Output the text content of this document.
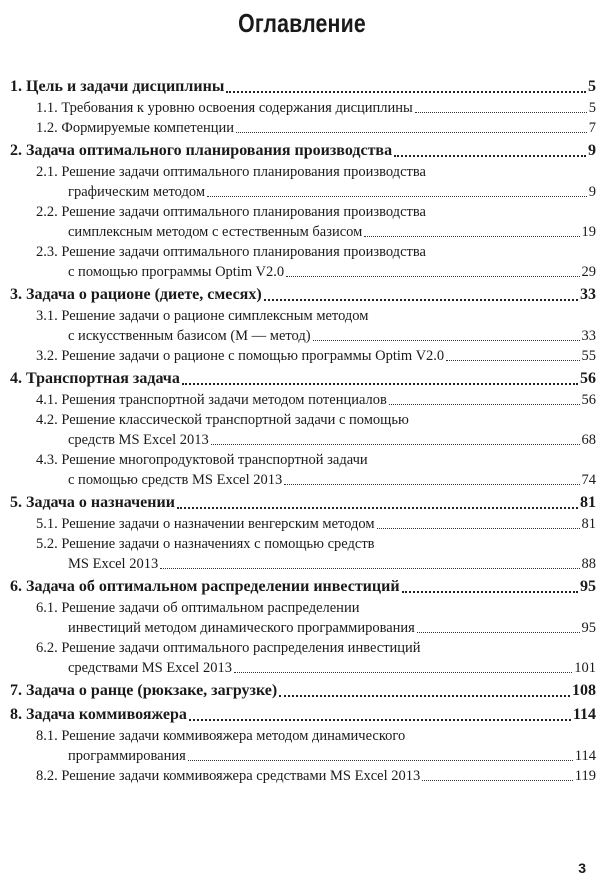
Оглавление
1. Цель и задачи дисциплины	5
1.1. Требования к уровню освоения содержания дисциплины	5
1.2. Формируемые компетенции	7
2. Задача оптимального планирования производства	9
2.1. Решение задачи оптимального планирования производства
графическим методом	9
2.2. Решение задачи оптимального планирования производства
симплексным методом с естественным базисом	19
2.3. Решение задачи оптимального планирования производства
с помощью программы Optim V2.0	29
3. Задача о рационе (диете, смесях)	33
3.1. Решение задачи о рационе симплексным методом
с искусственным базисом (М — метод)	33
3.2. Решение задачи о рационе с помощью программы Optim V2.0	55
4. Транспортная задача	56
4.1. Решения транспортной задачи методом потенциалов	56
4.2. Решение классической транспортной задачи с помощью
средств MS Excel 2013	68
4.3. Решение многопродуктовой транспортной задачи
с помощью средств MS Excel 2013	74
5. Задача о назначении	81
5.1. Решение задачи о назначении венгерским методом	81
5.2. Решение задачи о назначениях с помощью средств
MS Excel 2013	88
6. Задача об оптимальном распределении инвестиций	95
6.1. Решение задачи об оптимальном распределении
инвестиций методом динамического программирования	95
6.2. Решение задачи оптимального распределения инвестиций
средствами MS Excel 2013	101
7. Задача о ранце (рюкзаке, загрузке)	108
8. Задача коммивояжера	114
8.1. Решение задачи коммивояжера методом динамического
программирования	114
8.2. Решение задачи коммивояжера средствами MS Excel 2013	119
3
